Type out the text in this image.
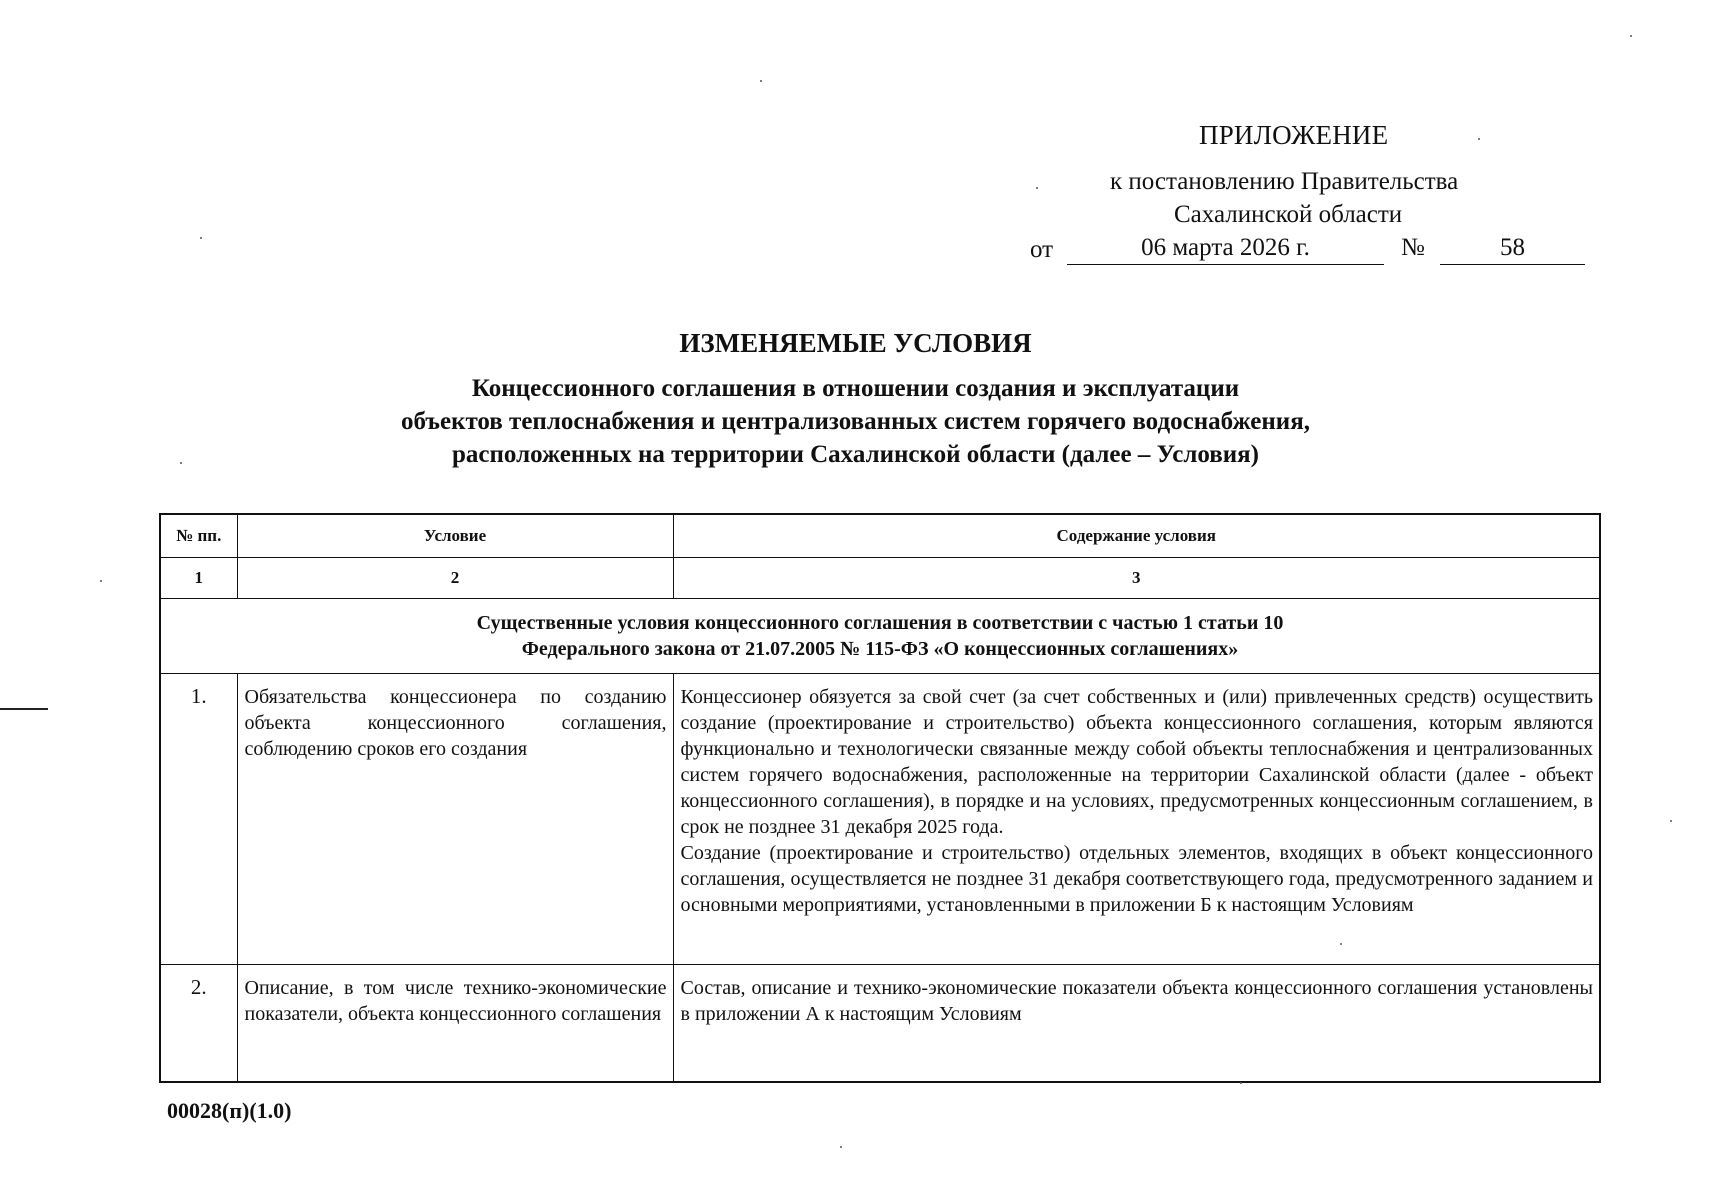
ПРИЛОЖЕНИЕ
к постановлению Правительства
Сахалинской области
от	06 марта 2026 г.	№	58
ИЗМЕНЯЕМЫЕ УСЛОВИЯ
Концессионного соглашения в отношении создания и эксплуатации
объектов теплоснабжения и централизованных систем горячего водоснабжения,
расположенных на территории Сахалинской области (далее – Условия)
№ пп.	Условие	Содержание условия
1	2	3

Существенные условия концессионного соглашения в соответствии с частью 1 статьи 10
Федерального закона от 21.07.2005 № 115-ФЗ «О концессионных соглашениях»		

1.	Обязательства концессионера по созданию объекта концессионного соглашения, соблюдению сроков его создания	Концессионер обязуется за свой счет (за счет собственных и (или) привлеченных средств) осуществить создание (проектирование и строительство) объекта концессионного соглашения, которым являются функционально и технологически связанные между собой объекты теплоснабжения и централизованных систем горячего водоснабжения, расположенные на территории Сахалинской области (далее - объект концессионного соглашения), в порядке и на условиях, предусмотренных концессионным соглашением, в срок не позднее 31 декабря 2025 года.
Создание (проектирование и строительство) отдельных элементов, входящих в объект концессионного соглашения, осуществляется не позднее 31 декабря соответствующего года, предусмотренного заданием и основными мероприятиями, установленными в приложении Б к настоящим Условиям

2.	Описание, в том числе технико-экономические показатели, объекта концессионного соглашения	Состав, описание и технико-экономические показатели объекта концессионного соглашения установлены в приложении А к настоящим Условиям
00028(п)(1.0)
